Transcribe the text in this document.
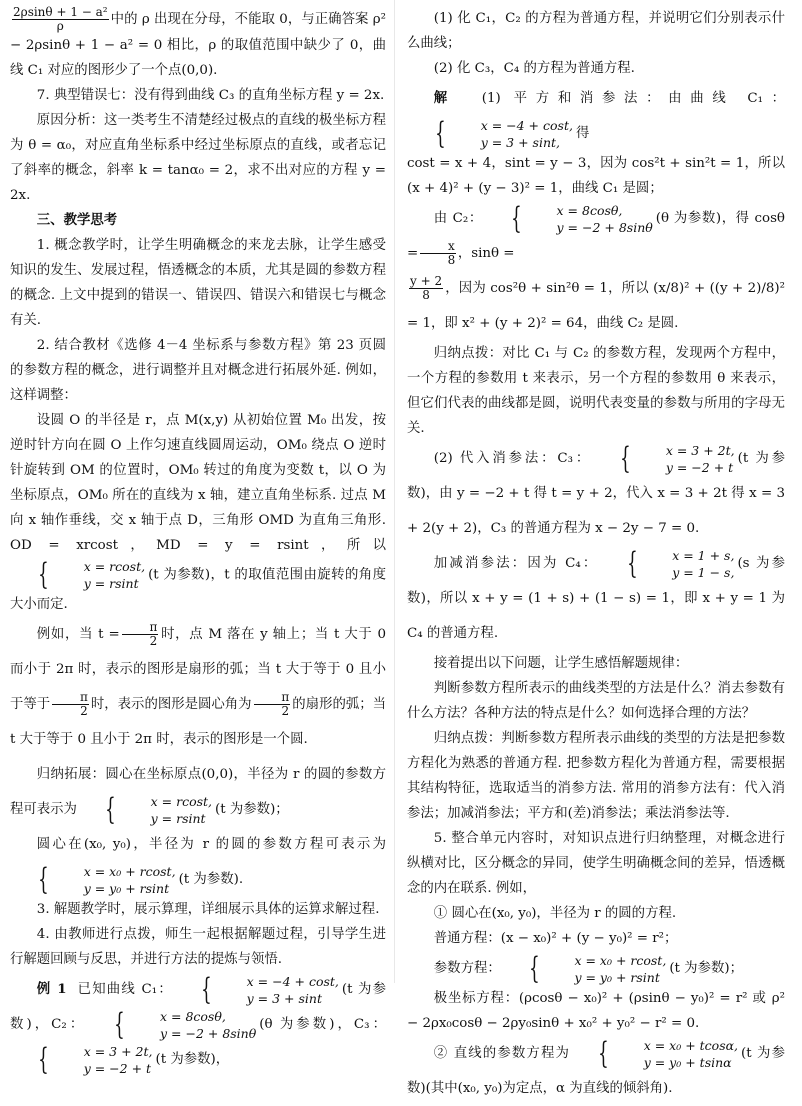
$\frac{\text{2ρsinθ + 1 − a²}}{\rho}$ 中的 ρ 出现在分母，不能取 0，与正确答案 ρ² − 2ρsinθ + 1 − a² = 0 相比，ρ 的取值范围中缺少了 0，曲线 C₁ 对应的图形少了一个点(0,0).

7. 典型错误七：没有得到曲线 C₃ 的直角坐标方程 y = 2x.

原因分析：这一类考生不清楚经过极点的直线的极坐标方程为 θ = α₀，对应直角坐标系中经过坐标原点的直线，或者忘记了斜率的概念，斜率 k = tanα₀ = 2，求不出对应的方程 y = 2x.

三、教学思考

1. 概念教学时，让学生明确概念的来龙去脉，让学生感受知识的发生、发展过程，悟透概念的本质，尤其是圆的参数方程的概念. 上文中提到的错误一、错误四、错误六和错误七与概念有关.

2. 结合教材《选修 4－4 坐标系与参数方程》第 23 页圆的参数方程的概念，进行调整并且对概念进行拓展外延. 例如，这样调整：

设圆 O 的半径是 r，点 M(x,y) 从初始位置 M₀ 出发，按逆时针方向在圆 O 上作匀速直线圆周运动，OM₀ 绕点 O 逆时针旋转到 OM 的位置时，OM₀ 转过的角度为变数 t，以 O 为坐标原点，OM₀ 所在的直线为 x 轴，建立直角坐标系. 过点 M 向 x 轴作垂线，交 x 轴于点 D，三角形 OMD 为直角三角形. OD = xrcost，MD = y = rsint，所以
{	x = rcost,
y = rsint
(t 为参数)，t 的取值范围由旋转的角度大小而定.

例如，当 $t = \frac{\pi}{2}$ 时，点 M 落在 y 轴上；当 t 大于 0 而小于 2π 时，表示的图形是扇形的弧；当 t 大于等于 0 且小于等于 $\frac{\pi}{2}$ 时，表示的图形是圆心角为 $\frac{\pi}{2}$ 的扇形的弧；当 t 大于等于 0 且小于 2π 时，表示的图形是一个圆.

归纳拓展：圆心在坐标原点(0,0)，半径为 r 的圆的参数方程可表示为 {	x = rcost,
y = rsint
(t 为参数)；

圆心在(x₀, y₀)，半径为 r 的圆的参数方程可表示为
{	x = x₀ + rcost,
y = y₀ + rsint
(t 为参数).

3. 解题教学时，展示算理，详细展示具体的运算求解过程.

4. 由教师进行点拨，师生一起根据解题过程，引导学生进行解题回顾与反思，并进行方法的提炼与领悟.

例 1 已知曲线 C₁： {	x = −4 + cost,
y = 3 + sint
(t 为参数)，C₂： {	x = 8cosθ,
y = −2 + 8sinθ
(θ 为参数)，C₃：
{	x = 3 + 2t,
y = −2 + t
(t 为参数)，

(1) 化 C₁，C₂ 的方程为普通方程，并说明它们分别表示什么曲线；

(2) 化 C₃，C₄ 的方程为普通方程.

解 (1) 平方和消参法：由曲线 C₁：
{	x = −4 + cost,
y = 3 + sint,
得

cost = x + 4，sint = y − 3，因为 cos²t + sin²t = 1，所以 (x + 4)² + (y − 3)² = 1，曲线 C₁ 是圆；

由 C₂： {	x = 8cosθ,
y = −2 + 8sinθ
(θ 为参数)，得 $\cos\theta = \frac{x}{8}$ ，sinθ =

$\frac{y + 2}{8}$ ，因为 cos²θ + sin²θ = 1，所以 (x/8)² + ((y + 2)/8)² = 1，即 x² + (y + 2)² = 64，曲线 C₂ 是圆.

归纳点拨：对比 C₁ 与 C₂ 的参数方程，发现两个方程中，一个方程的参数用 t 来表示，另一个方程的参数用 θ 来表示，但它们代表的曲线都是圆，说明代表变量的参数与所用的字母无关.

(2) 代入消参法：C₃： {	x = 3 + 2t,
y = −2 + t
(t 为参数)，由 y = −2 + t 得 t = y + 2，代入 x = 3 + 2t 得 x = 3 + 2(y + 2)，C₃ 的普通方程为 x − 2y − 7 = 0.

加减消参法：因为 C₄： {	x = 1 + s,
y = 1 − s,
(s 为参数)，所以 x + y = (1 + s) + (1 − s) = 1，即 x + y = 1 为 C₄ 的普通方程.

接着提出以下问题，让学生感悟解题规律：

判断参数方程所表示的曲线类型的方法是什么？消去参数有什么方法？各种方法的特点是什么？如何选择合理的方法？

归纳点拨：判断参数方程所表示曲线的类型的方法是把参数方程化为熟悉的普通方程. 把参数方程化为普通方程，需要根据其结构特征，选取适当的消参方法. 常用的消参方法有：代入消参法；加减消参法；平方和(差)消参法；乘法消参法等.

5. 整合单元内容时，对知识点进行归纳整理，对概念进行纵横对比，区分概念的异同，使学生明确概念间的差异，悟透概念的内在联系. 例如，

① 圆心在(x₀, y₀)，半径为 r 的圆的方程.

普通方程：(x − x₀)² + (y − y₀)² = r²；

参数方程： {	x = x₀ + rcost,
y = y₀ + rsint
(t 为参数)；

极坐标方程：(ρcosθ − x₀)² + (ρsinθ − y₀)² = r² 或 ρ² − 2ρx₀cosθ − 2ρy₀sinθ + x₀² + y₀² − r² = 0.

② 直线的参数方程为 {	x = x₀ + tcosα,
y = y₀ + tsinα
(t 为参数)(其中(x₀, y₀)为定点，α 为直线的倾斜角).
